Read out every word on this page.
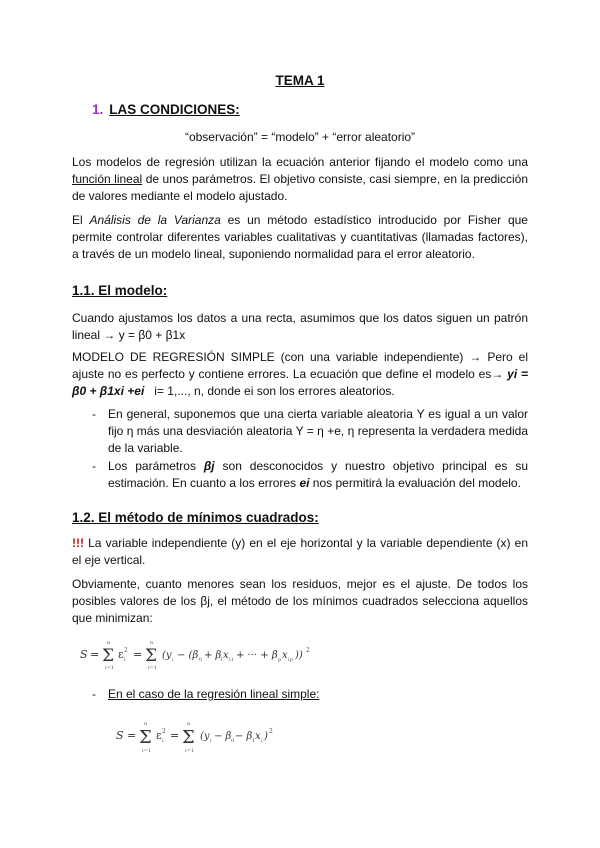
TEMA 1
1. LAS CONDICIONES:
“observación” = “modelo” + “error aleatorio”
Los modelos de regresión utilizan la ecuación anterior fijando el modelo como una función lineal de unos parámetros. El objetivo consiste, casi siempre, en la predicción de valores mediante el modelo ajustado.
El Análisis de la Varianza es un método estadístico introducido por Fisher que permite controlar diferentes variables cualitativas y cuantitativas (llamadas factores), a través de un modelo lineal, suponiendo normalidad para el error aleatorio.
1.1. El modelo:
Cuando ajustamos los datos a una recta, asumimos que los datos siguen un patrón lineal → y = β0 + β1x
MODELO DE REGRESIÓN SIMPLE (con una variable independiente) → Pero el ajuste no es perfecto y contiene errores. La ecuación que define el modelo es→ yi = β0 + β1xi +ei i= 1,..., n, donde ei son los errores aleatorios.
- En general, suponemos que una cierta variable aleatoria Y es igual a un valor fijo η más una desviación aleatoria Y = η +e, η representa la verdadera medida de la variable.
- Los parámetros βj son desconocidos y nuestro objetivo principal es su estimación. En cuanto a los errores ei nos permitirá la evaluación del modelo.
1.2. El método de mínimos cuadrados:
!!! La variable independiente (y) en el eje horizontal y la variable dependiente (x) en el eje vertical.
Obviamente, cuanto menores sean los residuos, mejor es el ajuste. De todos los posibles valores de los βj, el método de los mínimos cuadrados selecciona aquellos que minimizan:
S = Σ
n
i=1
ε 2
i = Σ
n
i=1
(y i − (β 0 + β
1 x i1 + ··· + β p x ip )) 2
- En el caso de la regresión lineal simple:
S = Σ
n
i=1
ε 2
i = Σ
n
i=1
(y i − β 0 − β 1 x i ) 2
